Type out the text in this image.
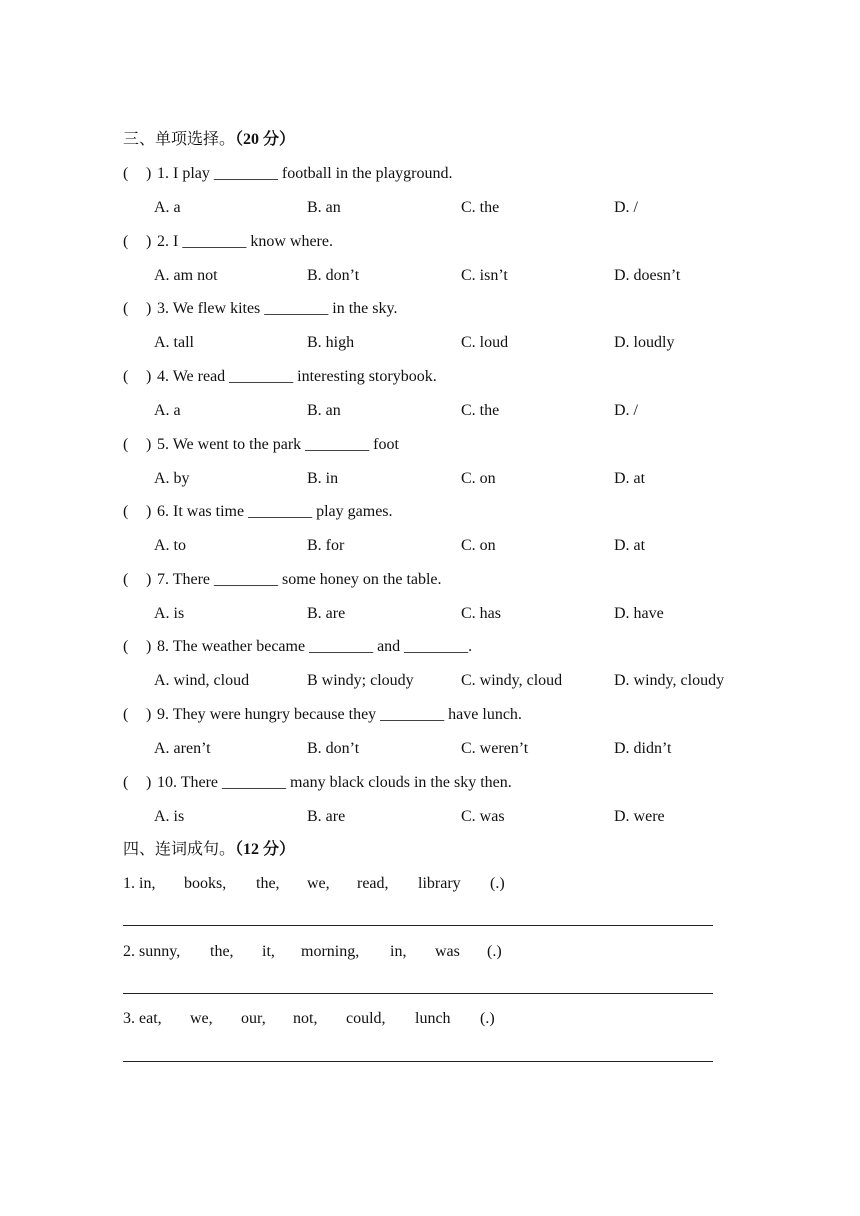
三、单项选择。（20 分）
( ) 1. I play ________ football in the playground.
A. a	B. an	C. the	D. /
( ) 2. I ________ know where.
A. am not	B. don’t	C. isn’t	D. doesn’t
( ) 3. We flew kites ________ in the sky.
A. tall	B. high	C. loud	D. loudly
( ) 4. We read ________ interesting storybook.
A. a	B. an	C. the	D. /
( ) 5. We went to the park ________ foot
A. by	B. in	C. on	D. at
( ) 6. It was time ________ play games.
A. to	B. for	C. on	D. at
( ) 7. There ________ some honey on the table.
A. is	B. are	C. has	D. have
( ) 8. The weather became ________ and ________.
A. wind, cloud	B windy; cloudy	C. windy, cloud	D. windy, cloudy
( ) 9. They were hungry because they ________ have lunch.
A. aren’t	B. don’t	C. weren’t	D. didn’t
( ) 10. There ________ many black clouds in the sky then.
A. is	B. are	C. was	D. were
四、连词成句。（12 分）
1. in, books, the, we, read, library (.)
2. sunny, the, it, morning, in, was (.)
3. eat, we, our, not, could, lunch (.)
